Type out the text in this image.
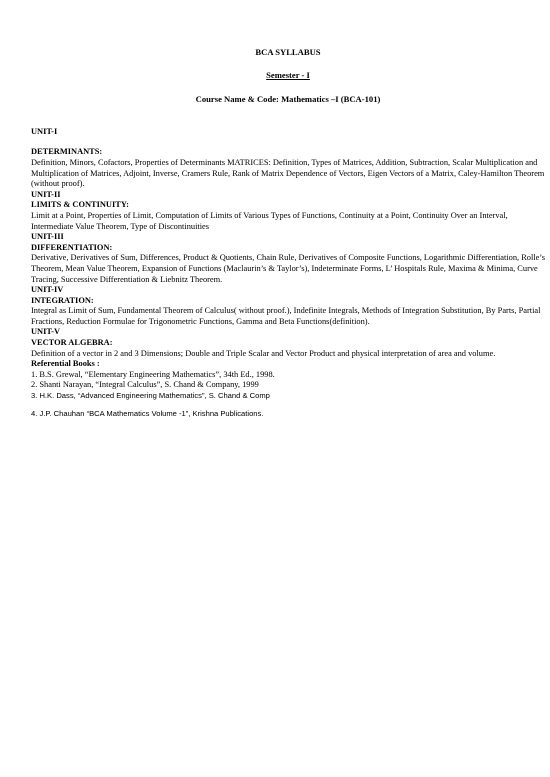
BCA SYLLABUS
Semester - I
Course Name & Code: Mathematics –I (BCA-101)
UNIT-I

DETERMINANTS:

Definition, Minors, Cofactors, Properties of Determinants MATRICES: Definition, Types of Matrices, Addition, Subtraction, Scalar Multiplication and Multiplication of Matrices, Adjoint, Inverse, Cramers Rule, Rank of Matrix Dependence of Vectors, Eigen Vectors of a Matrix, Caley-Hamilton Theorem (without proof).

UNIT-II

LIMITS & CONTINUITY:

Limit at a Point, Properties of Limit, Computation of Limits of Various Types of Functions, Continuity at a Point, Continuity Over an Interval, Intermediate Value Theorem, Type of Discontinuities

UNIT-III

DIFFERENTIATION:

Derivative, Derivatives of Sum, Differences, Product & Quotients, Chain Rule, Derivatives of Composite Functions, Logarithmic Differentiation, Rolle’s Theorem, Mean Value Theorem, Expansion of Functions (Maclaurin’s & Taylor’s), Indeterminate Forms, L’ Hospitals Rule, Maxima & Minima, Curve Tracing, Successive Differentiation & Liebnitz Theorem.

UNIT-IV

INTEGRATION:

Integral as Limit of Sum, Fundamental Theorem of Calculus( without proof.), Indefinite Integrals, Methods of Integration Substitution, By Parts, Partial Fractions, Reduction Formulae for Trigonometric Functions, Gamma and Beta Functions(definition).

UNIT-V

VECTOR ALGEBRA:

Definition of a vector in 2 and 3 Dimensions; Double and Triple Scalar and Vector Product and physical interpretation of area and volume.

Referential Books :

1. B.S. Grewal, “Elementary Engineering Mathematics”, 34th Ed., 1998.

2. Shanti Narayan, “Integral Calculus”, S. Chand & Company, 1999

3. H.K. Dass, “Advanced Engineering Mathematics”, S. Chand & Comp

4. J.P. Chauhan “BCA Mathematics Volume -1”, Krishna Publications.
